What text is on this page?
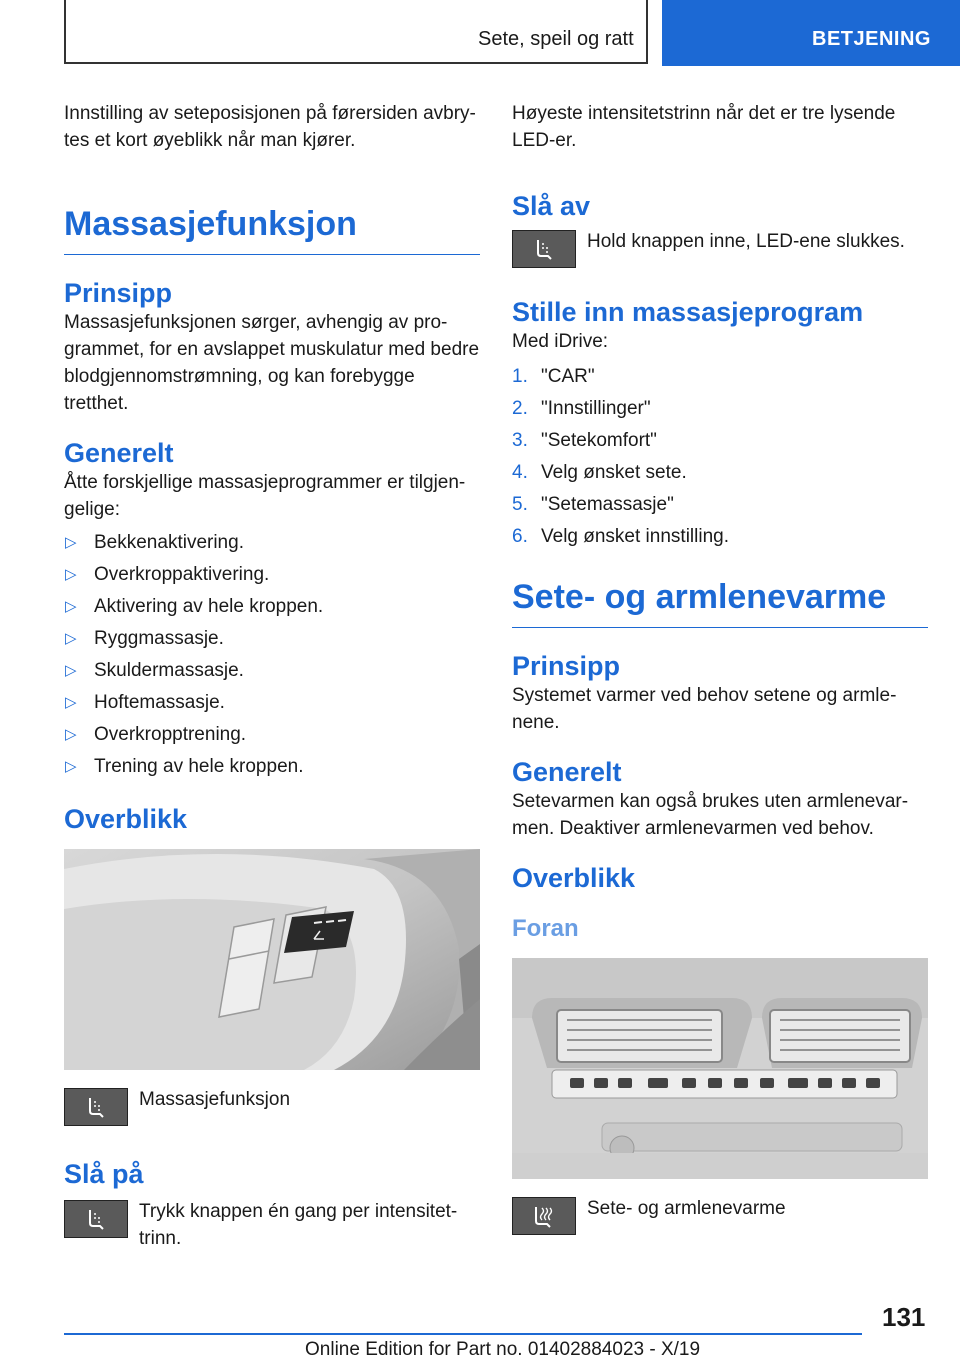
Sete, speil og ratt	BETJENING

Innstilling av seteposisjonen på førersiden avbry- tes et kort øyeblikk når man kjører.

Massasjefunksjon
Prinsipp

Massasjefunksjonen sørger, avhengig av pro- grammet, for en avslappet muskulatur med bedre blodgjennomstrømning, og kan forebygge tretthet.

Generelt

Åtte forskjellige massasjeprogrammer er tilgjen- gelige:

▷ Bekkenaktivering.
▷ Overkroppaktivering.
▷ Aktivering av hele kroppen.
▷ Ryggmassasje.
▷ Skuldermassasje.
▷ Hoftemassasje.
▷ Overkropptrening.
▷ Trening av hele kroppen.
Overblikk
Massasjefunksjon
Slå på
Trykk knappen én gang per intensitet- trinn.

Høyeste intensitetstrinn når det er tre lysende LED-er.

Slå av
Hold knappen inne, LED-ene slukkes.
Stille inn massasjeprogram

Med iDrive:

1. "CAR"
2. "Innstillinger"
3. "Setekomfort"
4. Velg ønsket sete.
5. "Setemassasje"
6. Velg ønsket innstilling.
Sete- og armlenevarme
Prinsipp

Systemet varmer ved behov setene og armle- nene.

Generelt

Setevarmen kan også brukes uten armlenevar- men. Deaktiver armlenevarmen ved behov.

Overblikk
Foran
Sete- og armlenevarme
131
Online Edition for Part no. 01402884023 - X/19
